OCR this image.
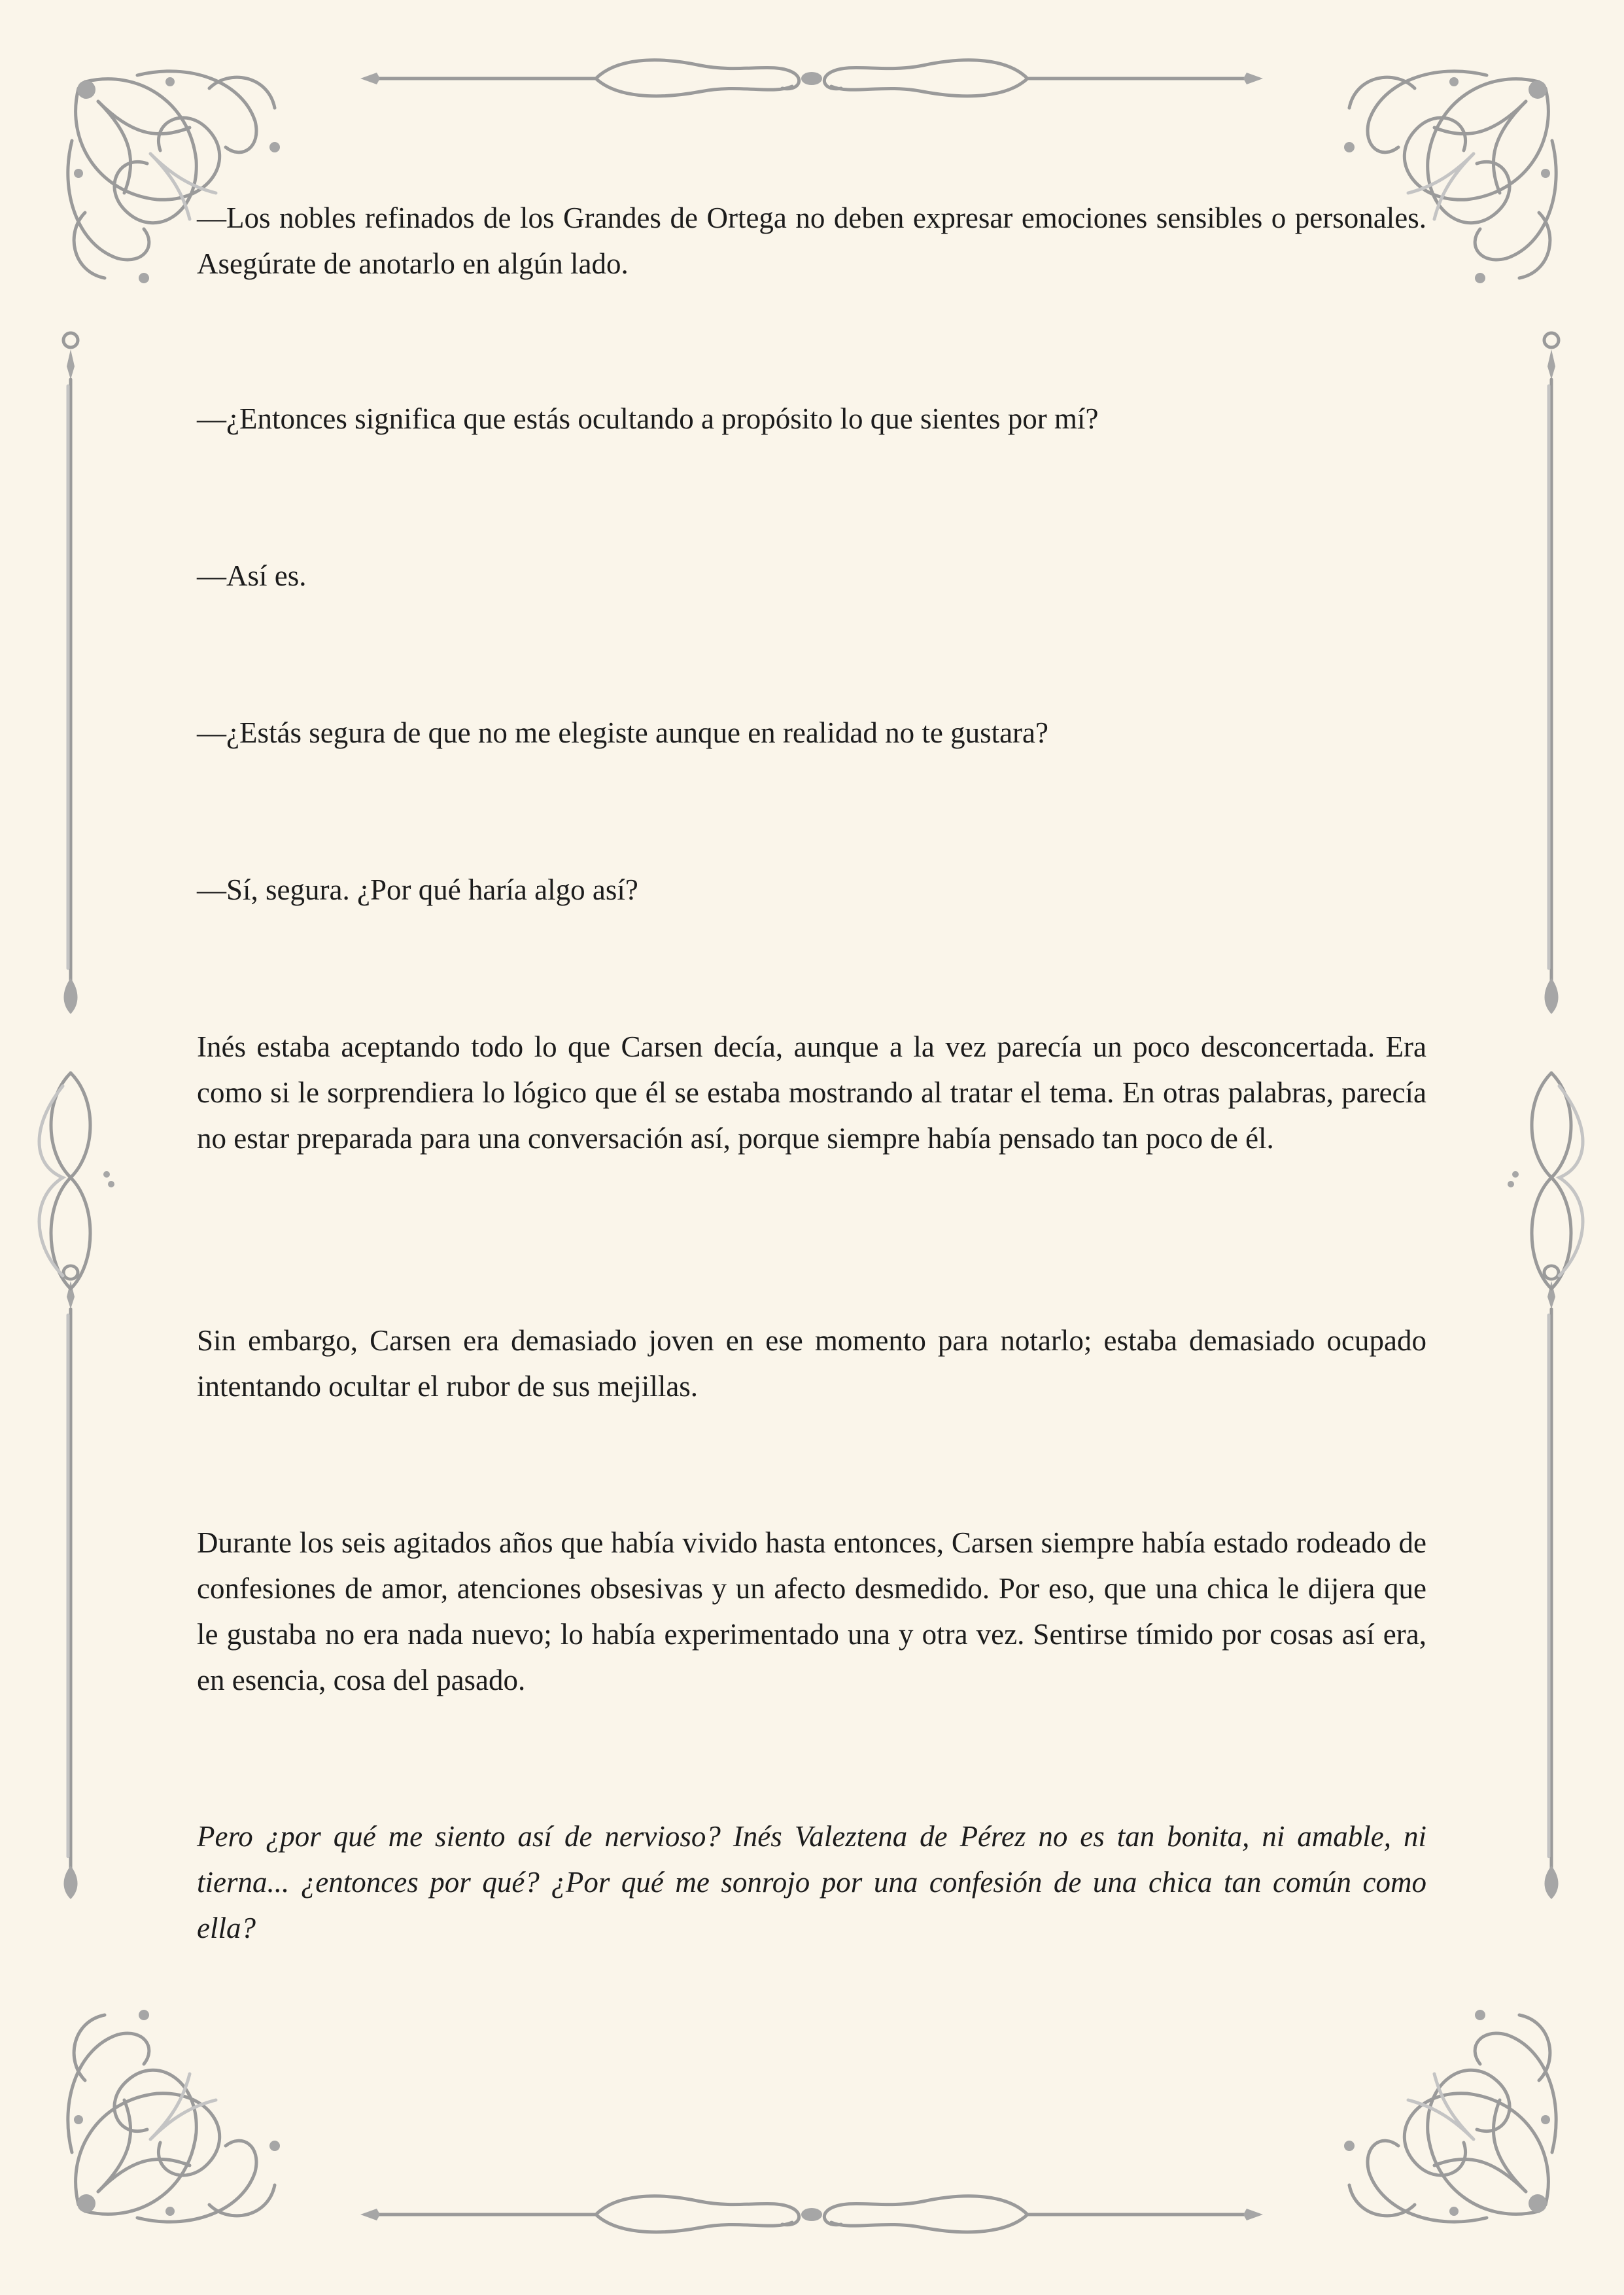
—Los nobles refinados de los Grandes de Ortega no deben expresar emociones sensibles o personales. Asegúrate de anotarlo en algún lado.

—¿Entonces significa que estás ocultando a propósito lo que sientes por mí?

—Así es.

—¿Estás segura de que no me elegiste aunque en realidad no te gustara?

—Sí, segura. ¿Por qué haría algo así?

Inés estaba aceptando todo lo que Carsen decía, aunque a la vez parecía un poco desconcertada. Era como si le sorprendiera lo lógico que él se estaba mostrando al tratar el tema. En otras palabras, parecía no estar preparada para una conversación así, porque siempre había pensado tan poco de él.

Sin embargo, Carsen era demasiado joven en ese momento para notarlo; estaba demasiado ocupado intentando ocultar el rubor de sus mejillas.

Durante los seis agitados años que había vivido hasta entonces, Carsen siempre había estado rodeado de confesiones de amor, atenciones obsesivas y un afecto desmedido. Por eso, que una chica le dijera que le gustaba no era nada nuevo; lo había experimentado una y otra vez. Sentirse tímido por cosas así era, en esencia, cosa del pasado.

Pero ¿por qué me siento así de nervioso? Inés Valeztena de Pérez no es tan bonita, ni amable, ni tierna... ¿entonces por qué? ¿Por qué me sonrojo por una confesión de una chica tan común como ella?
